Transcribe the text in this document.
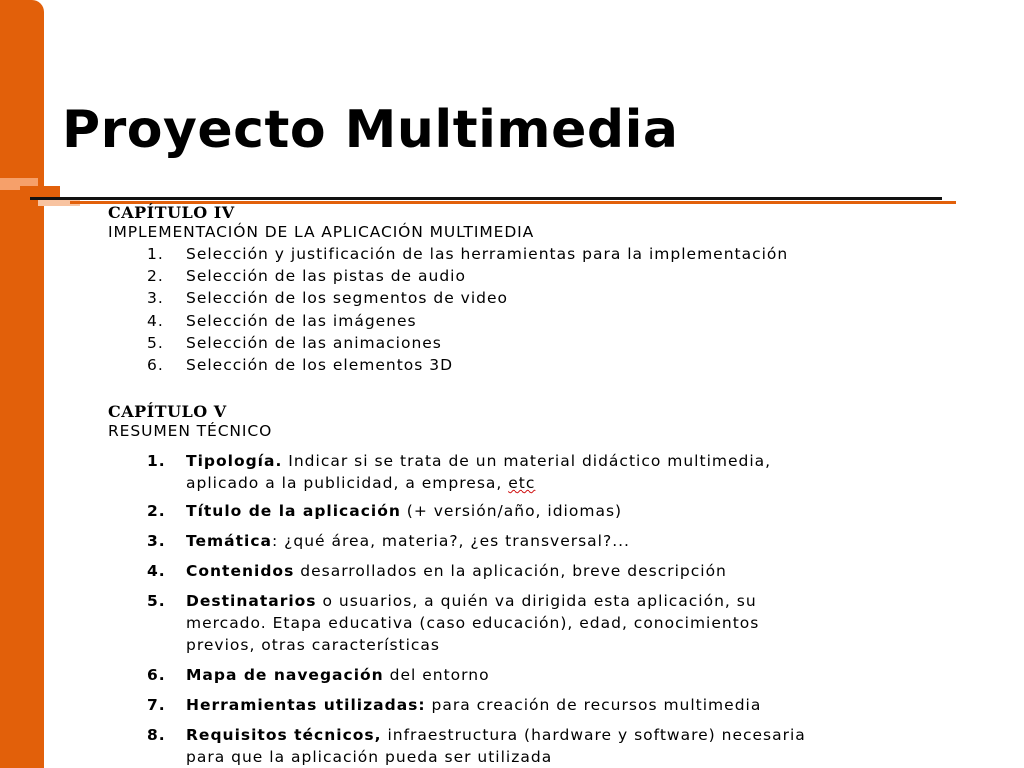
Proyecto Multimedia
CAPÍTULO IV
IMPLEMENTACIÓN DE LA APLICACIÓN MULTIMEDIA
1. Selección y justificación de las herramientas para la implementación
2. Selección de las pistas de audio
3. Selección de los segmentos de video
4. Selección de las imágenes
5. Selección de las animaciones
6. Selección de los elementos 3D
CAPÍTULO V
RESUMEN TÉCNICO
1. Tipología. Indicar si se trata de un material didáctico multimedia,
aplicado a la publicidad, a empresa, etc
2. Título de la aplicación (+ versión/año, idiomas)
3. Temática: ¿qué área, materia?, ¿es transversal?...
4. Contenidos desarrollados en la aplicación, breve descripción
5. Destinatarios o usuarios, a quién va dirigida esta aplicación, su
mercado. Etapa educativa (caso educación), edad, conocimientos
previos, otras características
6. Mapa de navegación del entorno
7. Herramientas utilizadas: para creación de recursos multimedia
8. Requisitos técnicos, infraestructura (hardware y software) necesaria
para que la aplicación pueda ser utilizada
